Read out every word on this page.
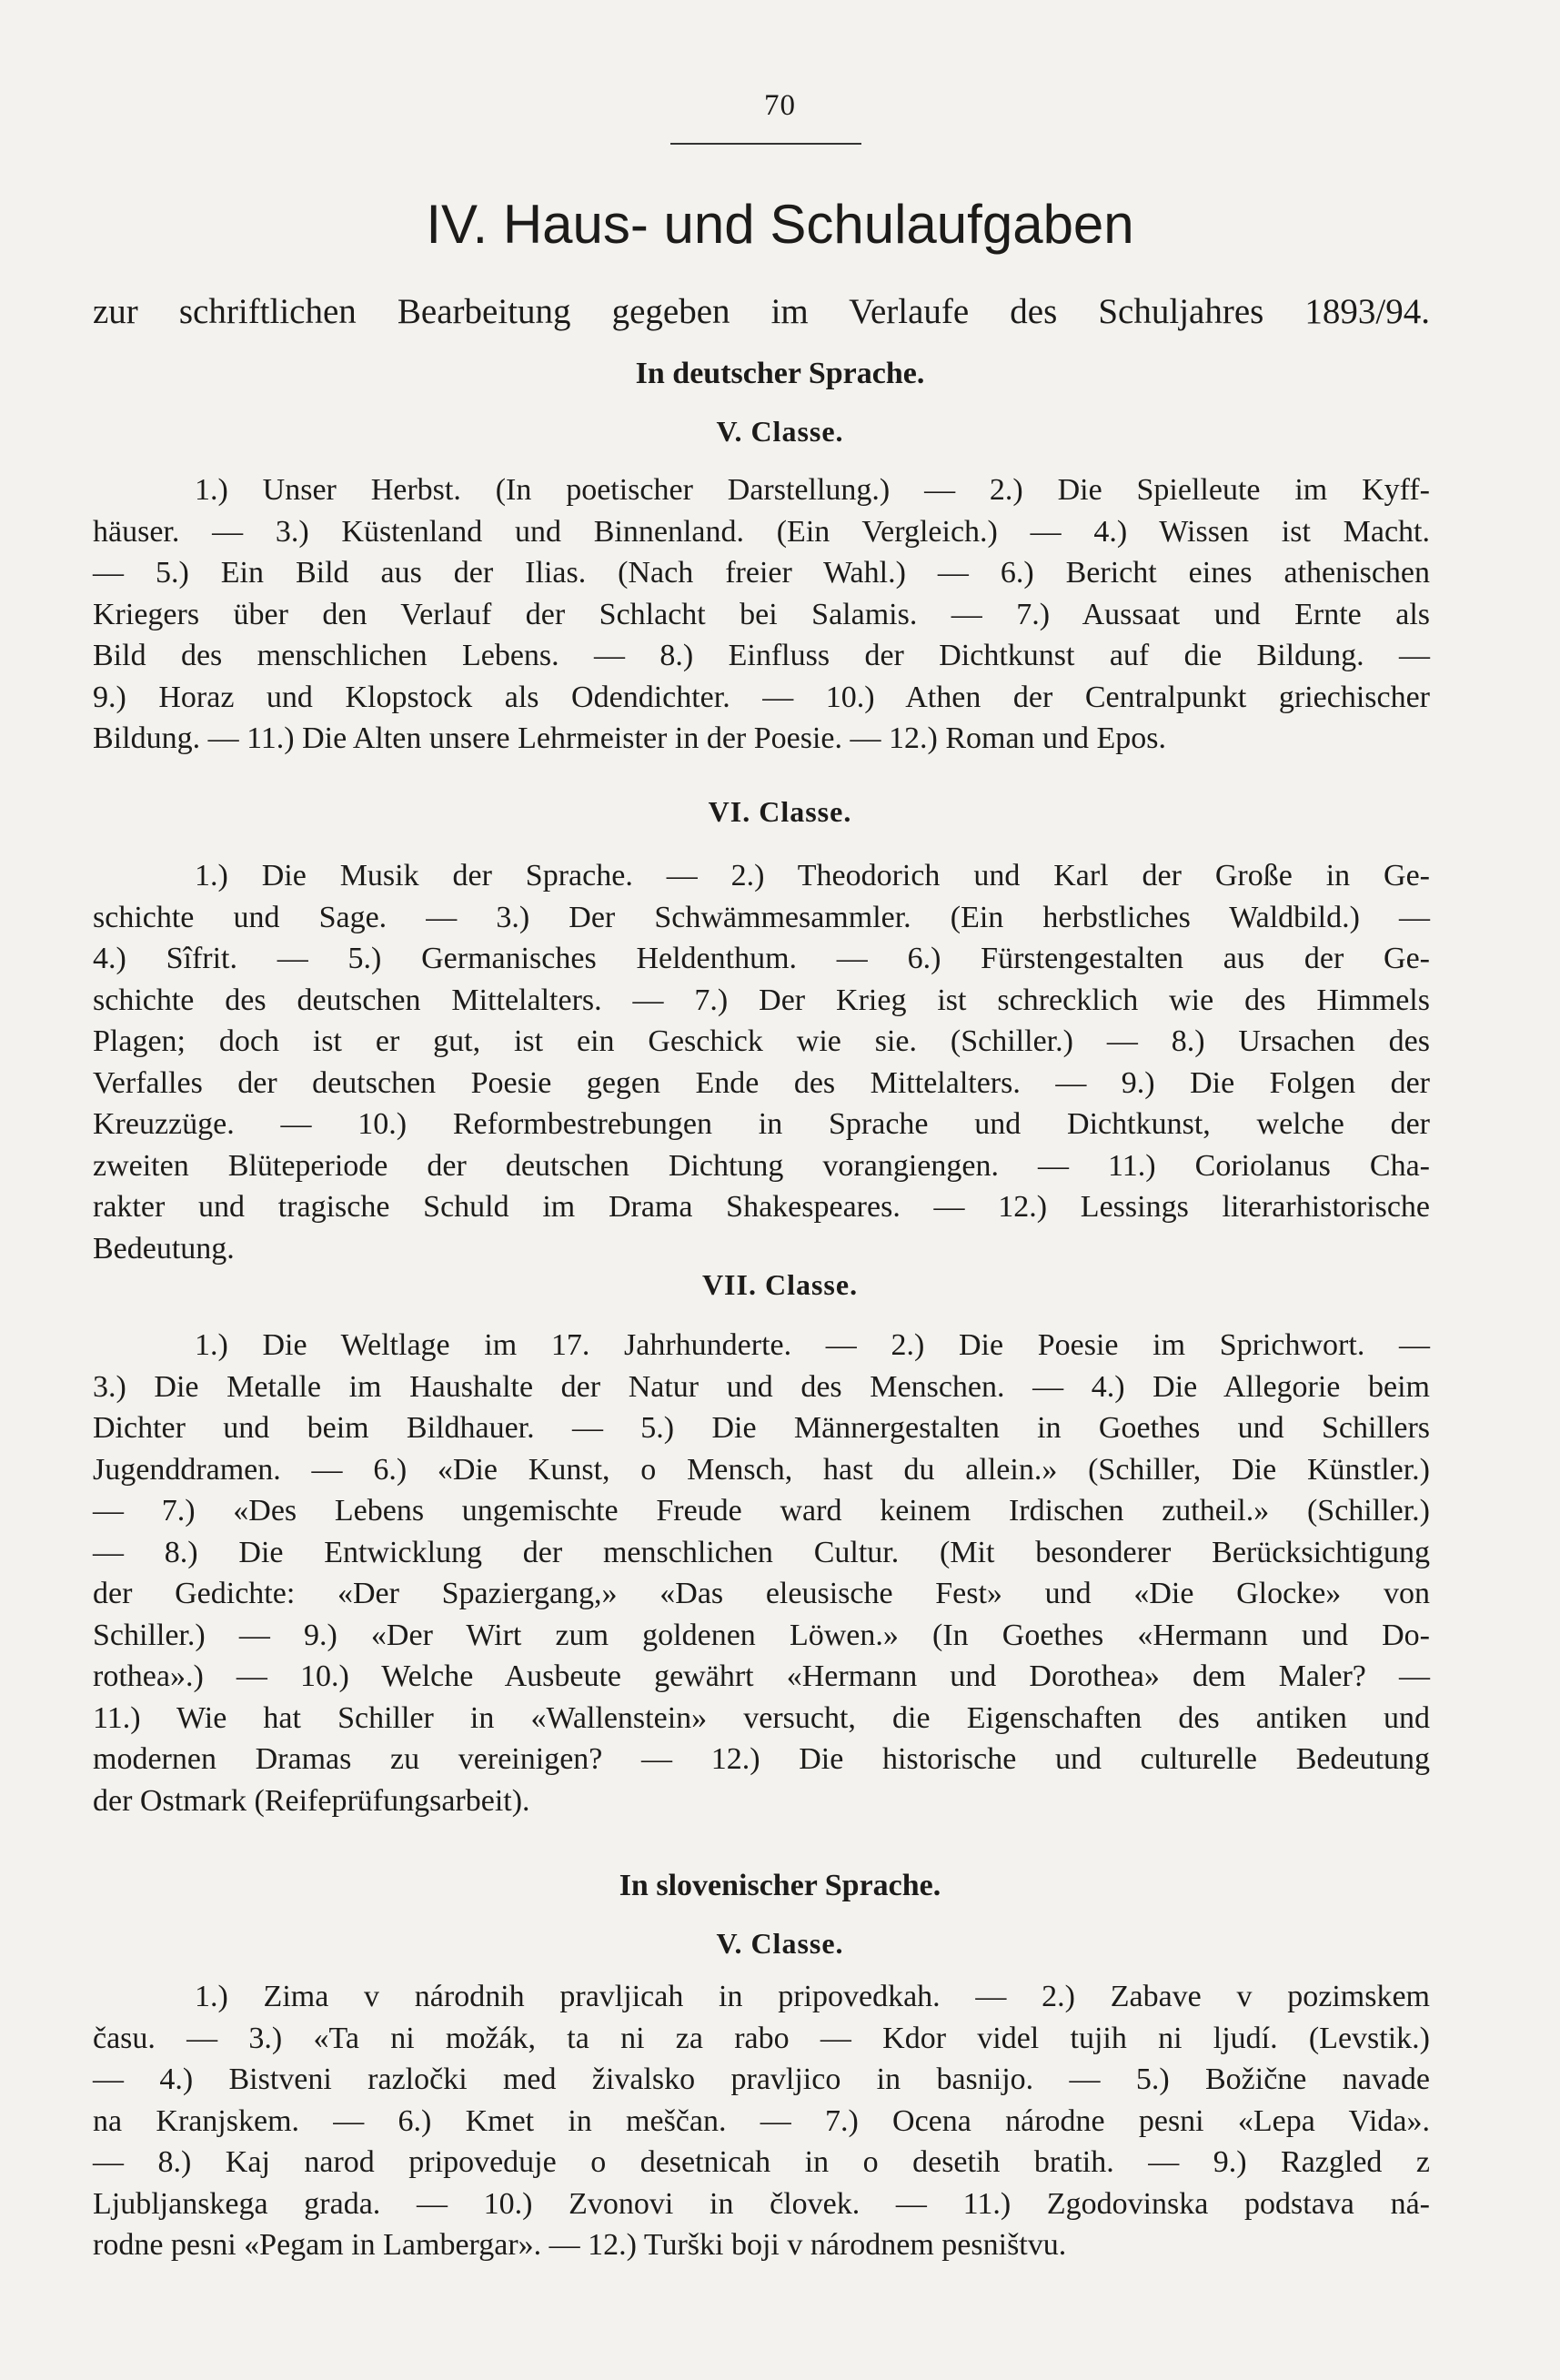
70
IV. Haus- und Schulaufgaben

zur schriftlichen Bearbeitung gegeben im Verlaufe des Schuljahres 1893/94.

In deutscher Sprache.
V. Classe.
1.) Unser Herbst. (In poetischer Darstellung.) — 2.) Die Spielleute im Kyff-
häuser. — 3.) Küstenland und Binnenland. (Ein Vergleich.) — 4.) Wissen ist Macht.
— 5.) Ein Bild aus der Ilias. (Nach freier Wahl.) — 6.) Bericht eines athenischen
Kriegers über den Verlauf der Schlacht bei Salamis. — 7.) Aussaat und Ernte als
Bild des menschlichen Lebens. — 8.) Einfluss der Dichtkunst auf die Bildung. —
9.) Horaz und Klopstock als Odendichter. — 10.) Athen der Centralpunkt griechischer
Bildung. — 11.) Die Alten unsere Lehrmeister in der Poesie. — 12.) Roman und Epos.
VI. Classe.
1.) Die Musik der Sprache. — 2.) Theodorich und Karl der Große in Ge-
schichte und Sage. — 3.) Der Schwämmesammler. (Ein herbstliches Waldbild.) —
4.) Sîfrit. — 5.) Germanisches Heldenthum. — 6.) Fürstengestalten aus der Ge-
schichte des deutschen Mittelalters. — 7.) Der Krieg ist schrecklich wie des Himmels
Plagen; doch ist er gut, ist ein Geschick wie sie. (Schiller.) — 8.) Ursachen des
Verfalles der deutschen Poesie gegen Ende des Mittelalters. — 9.) Die Folgen der
Kreuzzüge. — 10.) Reformbestrebungen in Sprache und Dichtkunst, welche der
zweiten Blüteperiode der deutschen Dichtung vorangiengen. — 11.) Coriolanus Cha-
rakter und tragische Schuld im Drama Shakespeares. — 12.) Lessings literarhistorische
Bedeutung.
VII. Classe.
1.) Die Weltlage im 17. Jahrhunderte. — 2.) Die Poesie im Sprichwort. —
3.) Die Metalle im Haushalte der Natur und des Menschen. — 4.) Die Allegorie beim
Dichter und beim Bildhauer. — 5.) Die Männergestalten in Goethes und Schillers
Jugenddramen. — 6.) «Die Kunst, o Mensch, hast du allein.» (Schiller, Die Künstler.)
— 7.) «Des Lebens ungemischte Freude ward keinem Irdischen zutheil.» (Schiller.)
— 8.) Die Entwicklung der menschlichen Cultur. (Mit besonderer Berücksichtigung
der Gedichte: «Der Spaziergang,» «Das eleusische Fest» und «Die Glocke» von
Schiller.) — 9.) «Der Wirt zum goldenen Löwen.» (In Goethes «Hermann und Do-
rothea».) — 10.) Welche Ausbeute gewährt «Hermann und Dorothea» dem Maler? —
11.) Wie hat Schiller in «Wallenstein» versucht, die Eigenschaften des antiken und
modernen Dramas zu vereinigen? — 12.) Die historische und culturelle Bedeutung
der Ostmark (Reifeprüfungsarbeit).
In slovenischer Sprache.
V. Classe.
1.) Zima v národnih pravljicah in pripovedkah. — 2.) Zabave v pozimskem
času. — 3.) «Ta ni možák, ta ni za rabo — Kdor videl tujih ni ljudí. (Levstik.)
— 4.) Bistveni razločki med živalsko pravljico in basnijo. — 5.) Božične navade
na Kranjskem. — 6.) Kmet in meščan. — 7.) Ocena národne pesni «Lepa Vida».
— 8.) Kaj narod pripoveduje o desetnicah in o desetih bratih. — 9.) Razgled z
Ljubljanskega grada. — 10.) Zvonovi in človek. — 11.) Zgodovinska podstava ná-
rodne pesni «Pegam in Lambergar». — 12.) Turški boji v národnem pesništvu.
